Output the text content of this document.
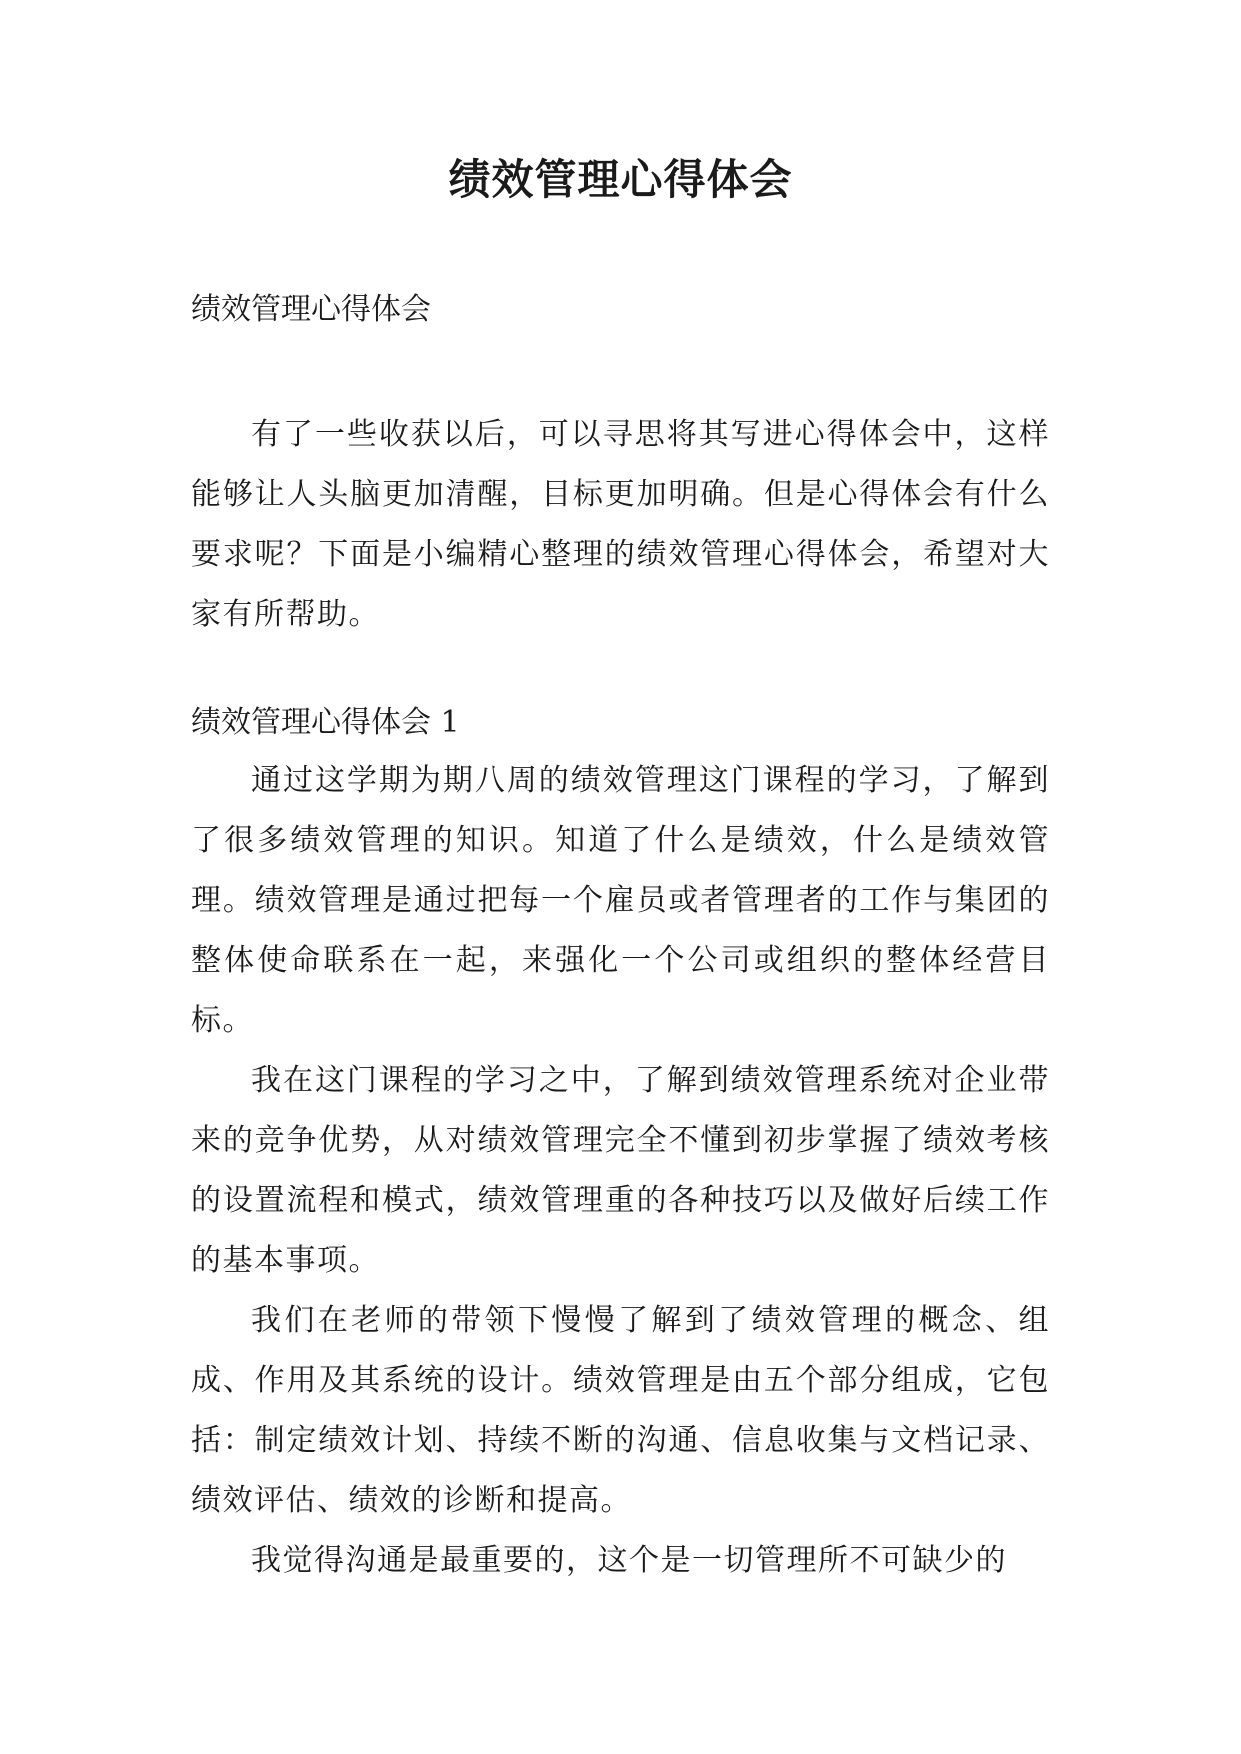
绩效管理心得体会

绩效管理心得体会

有了一些收获以后，可以寻思将其写进心得体会中，这样能够让人头脑更加清醒，目标更加明确。但是心得体会有什么要求呢？下面是小编精心整理的绩效管理心得体会，希望对大家有所帮助。

绩效管理心得体会 1

通过这学期为期八周的绩效管理这门课程的学习，了解到了很多绩效管理的知识。知道了什么是绩效，什么是绩效管理。绩效管理是通过把每一个雇员或者管理者的工作与集团的整体使命联系在一起，来强化一个公司或组织的整体经营目标。

我在这门课程的学习之中，了解到绩效管理系统对企业带来的竞争优势，从对绩效管理完全不懂到初步掌握了绩效考核的设置流程和模式，绩效管理重的各种技巧以及做好后续工作的基本事项。

我们在老师的带领下慢慢了解到了绩效管理的概念、组成、作用及其系统的设计。绩效管理是由五个部分组成，它包括：制定绩效计划、持续不断的沟通、信息收集与文档记录、绩效评估、绩效的诊断和提高。

我觉得沟通是最重要的，这个是一切管理所不可缺少的
